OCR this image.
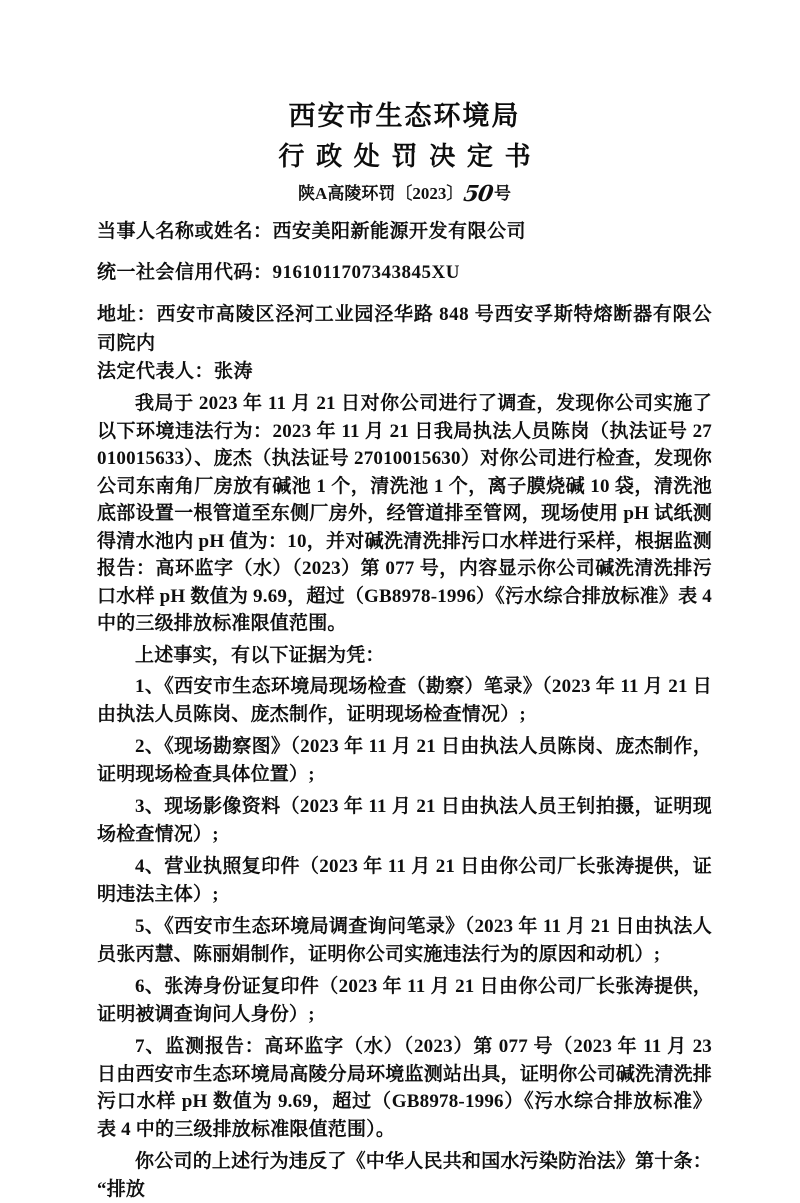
西安市生态环境局
行政处罚决定书
陕A高陵环罚〔2023〕50号

当事人名称或姓名：西安美阳新能源开发有限公司

统一社会信用代码：9161011707343845XU

地址：西安市高陵区泾河工业园泾华路 848 号西安孚斯特熔断器有限公司院内

法定代表人：张涛

我局于 2023 年 11 月 21 日对你公司进行了调查，发现你公司实施了以下环境违法行为：2023 年 11 月 21 日我局执法人员陈岗（执法证号 27010015633）、庞杰（执法证号 27010015630）对你公司进行检查，发现你公司东南角厂房放有碱池 1 个，清洗池 1 个，离子膜烧碱 10 袋，清洗池底部设置一根管道至东侧厂房外，经管道排至管网，现场使用 pH 试纸测得清水池内 pH 值为：10，并对碱洗清洗排污口水样进行采样，根据监测报告：高环监字（水）（2023）第 077 号，内容显示你公司碱洗清洗排污口水样 pH 数值为 9.69，超过（GB8978-1996）《污水综合排放标准》表 4 中的三级排放标准限值范围。

上述事实，有以下证据为凭：

1、《西安市生态环境局现场检查（勘察）笔录》（2023 年 11 月 21 日由执法人员陈岗、庞杰制作，证明现场检查情况）;

2、《现场勘察图》（2023 年 11 月 21 日由执法人员陈岗、庞杰制作，证明现场检查具体位置）;

3、现场影像资料（2023 年 11 月 21 日由执法人员王钊拍摄，证明现场检查情况）;

4、营业执照复印件（2023 年 11 月 21 日由你公司厂长张涛提供，证明违法主体）;

5、《西安市生态环境局调查询问笔录》（2023 年 11 月 21 日由执法人员张丙慧、陈丽娟制作，证明你公司实施违法行为的原因和动机）;

6、张涛身份证复印件（2023 年 11 月 21 日由你公司厂长张涛提供，证明被调查询问人身份）;

7、监测报告：高环监字（水）（2023）第 077 号（2023 年 11 月 23 日由西安市生态环境局高陵分局环境监测站出具，证明你公司碱洗清洗排污口水样 pH 数值为 9.69，超过（GB8978-1996）《污水综合排放标准》表 4 中的三级排放标准限值范围）。

你公司的上述行为违反了《中华人民共和国水污染防治法》第十条：“排放
